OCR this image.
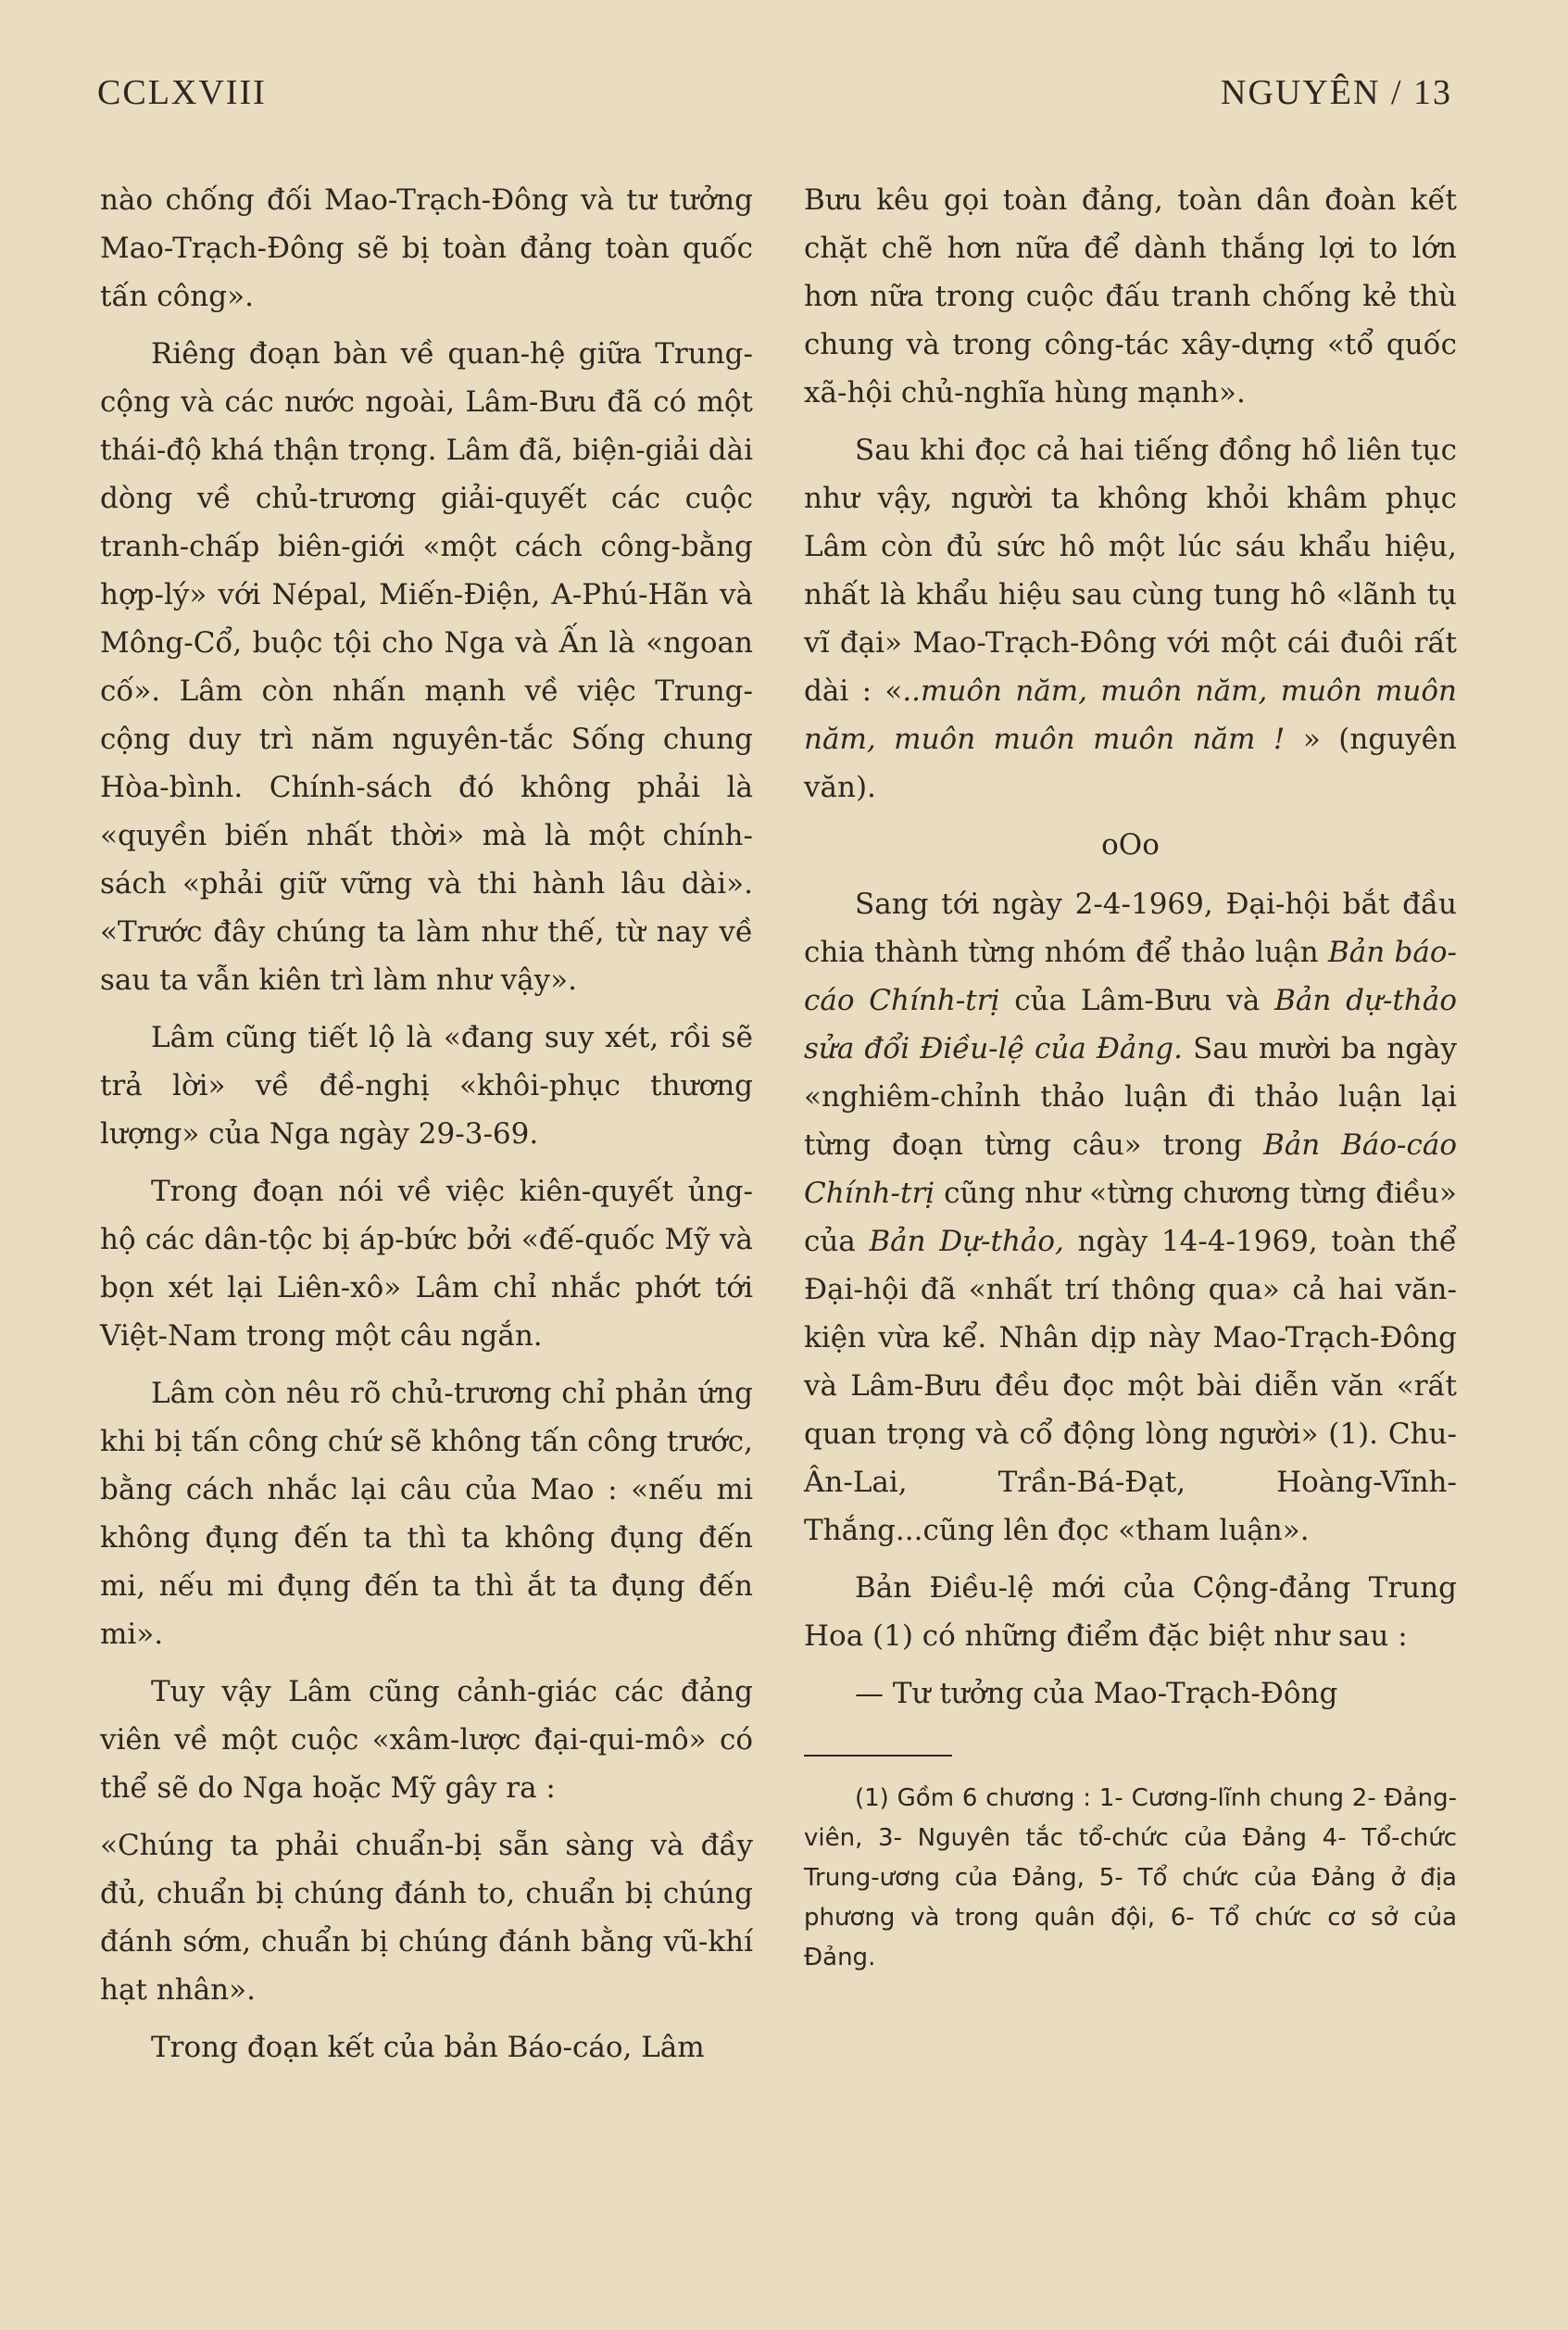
CCLXVIII	NGUYÊN / 13

nào chống đối Mao-Trạch-Đông và tư tưởng Mao-Trạch-Đông sẽ bị toàn đảng toàn quốc tấn công».

Riêng đoạn bàn về quan-hệ giữa Trung-cộng và các nước ngoài, Lâm-Bưu đã có một thái-độ khá thận trọng. Lâm đã, biện-giải dài dòng về chủ-trương giải-quyết các cuộc tranh-chấp biên-giới «một cách công-bằng hợp-lý» với Népal, Miến-Điện, A-Phú-Hãn và Mông-Cổ, buộc tội cho Nga và Ấn là «ngoan cố». Lâm còn nhấn mạnh về việc Trung-cộng duy trì năm nguyên-tắc Sống chung Hòa-bình. Chính-sách đó không phải là «quyền biến nhất thời» mà là một chính-sách «phải giữ vững và thi hành lâu dài». «Trước đây chúng ta làm như thế, từ nay về sau ta vẫn kiên trì làm như vậy».

Lâm cũng tiết lộ là «đang suy xét, rồi sẽ trả lời» về đề-nghị «khôi-phục thương lượng» của Nga ngày 29-3-69.

Trong đoạn nói về việc kiên-quyết ủng-hộ các dân-tộc bị áp-bức bởi «đế-quốc Mỹ và bọn xét lại Liên-xô» Lâm chỉ nhắc phớt tới Việt-Nam trong một câu ngắn.

Lâm còn nêu rõ chủ-trương chỉ phản ứng khi bị tấn công chứ sẽ không tấn công trước, bằng cách nhắc lại câu của Mao : «nếu mi không đụng đến ta thì ta không đụng đến mi, nếu mi đụng đến ta thì ắt ta đụng đến mi».

Tuy vậy Lâm cũng cảnh-giác các đảng viên về một cuộc «xâm-lược đại-qui-mô» có thể sẽ do Nga hoặc Mỹ gây ra :

«Chúng ta phải chuẩn-bị sẵn sàng và đầy đủ, chuẩn bị chúng đánh to, chuẩn bị chúng đánh sớm, chuẩn bị chúng đánh bằng vũ-khí hạt nhân».

Trong đoạn kết của bản Báo-cáo, Lâm

Bưu kêu gọi toàn đảng, toàn dân đoàn kết chặt chẽ hơn nữa để dành thắng lợi to lớn hơn nữa trong cuộc đấu tranh chống kẻ thù chung và trong công-tác xây-dựng «tổ quốc xã-hội chủ-nghĩa hùng mạnh».

Sau khi đọc cả hai tiếng đồng hồ liên tục như vậy, người ta không khỏi khâm phục Lâm còn đủ sức hô một lúc sáu khẩu hiệu, nhất là khẩu hiệu sau cùng tung hô «lãnh tụ vĩ đại» Mao-Trạch-Đông với một cái đuôi rất dài : «..muôn năm, muôn năm, muôn muôn năm, muôn muôn muôn năm ! » (nguyên văn).

oOo

Sang tới ngày 2-4-1969, Đại-hội bắt đầu chia thành từng nhóm để thảo luận Bản báo-cáo Chính-trị của Lâm-Bưu và Bản dự-thảo sửa đổi Điều-lệ của Đảng. Sau mười ba ngày «nghiêm-chỉnh thảo luận đi thảo luận lại từng đoạn từng câu» trong Bản Báo-cáo Chính-trị cũng như «từng chương từng điều» của Bản Dự-thảo, ngày 14-4-1969, toàn thể Đại-hội đã «nhất trí thông qua» cả hai văn-kiện vừa kể. Nhân dịp này Mao-Trạch-Đông và Lâm-Bưu đều đọc một bài diễn văn «rất quan trọng và cổ động lòng người» (1). Chu-Ân-Lai, Trần-Bá-Đạt, Hoàng-Vĩnh-Thắng...cũng lên đọc «tham luận».

Bản Điều-lệ mới của Cộng-đảng Trung Hoa (1) có những điểm đặc biệt như sau :

— Tư tưởng của Mao-Trạch-Đông

(1) Gồm 6 chương : 1- Cương-lĩnh chung 2- Đảng-viên, 3- Nguyên tắc tổ-chức của Đảng 4- Tổ-chức Trung-ương của Đảng, 5- Tổ chức của Đảng ở địa phương và trong quân đội, 6- Tổ chức cơ sở của Đảng.
